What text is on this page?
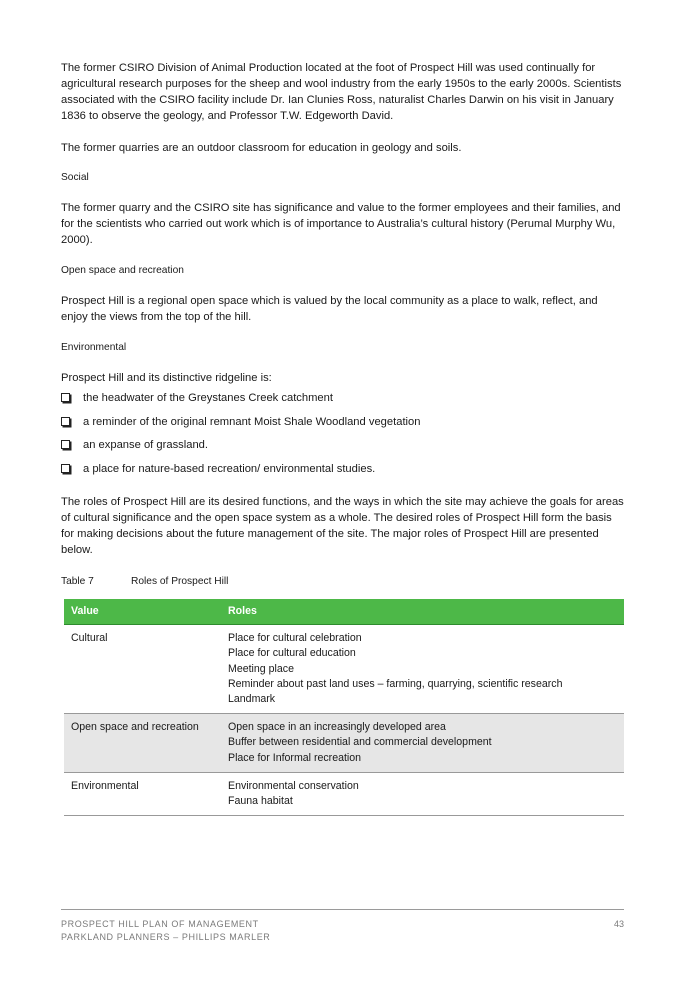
The former CSIRO Division of Animal Production located at the foot of Prospect Hill was used continually for agricultural research purposes for the sheep and wool industry from the early 1950s to the early 2000s. Scientists associated with the CSIRO facility include Dr. Ian Clunies Ross, naturalist Charles Darwin on his visit in January 1836 to observe the geology, and Professor T.W. Edgeworth David.

The former quarries are an outdoor classroom for education in geology and soils.

Social

The former quarry and the CSIRO site has significance and value to the former employees and their families, and for the scientists who carried out work which is of importance to Australia’s cultural history (Perumal Murphy Wu, 2000).

Open space and recreation

Prospect Hill is a regional open space which is valued by the local community as a place to walk, reflect, and enjoy the views from the top of the hill.

Environmental

Prospect Hill and its distinctive ridgeline is:

the headwater of the Greystanes Creek catchment
a reminder of the original remnant Moist Shale Woodland vegetation
an expanse of grassland.
a place for nature-based recreation/ environmental studies.

The roles of Prospect Hill are its desired functions, and the ways in which the site may achieve the goals for areas of cultural significance and the open space system as a whole. The desired roles of Prospect Hill form the basis for making decisions about the future management of the site. The major roles of Prospect Hill are presented below.

Table 7	Roles of Prospect Hill
Value	Roles
Cultural	Place for cultural celebration
Place for cultural education
Meeting place
Reminder about past land uses – farming, quarrying, scientific research
Landmark

Open space and recreation	Open space in an increasingly developed area
Buffer between residential and commercial development
Place for Informal recreation

Environmental	Environmental conservation
Fauna habitat
PROSPECT HILL PLAN OF MANAGEMENT
PARKLAND PLANNERS – PHILLIPS MARLER
43
